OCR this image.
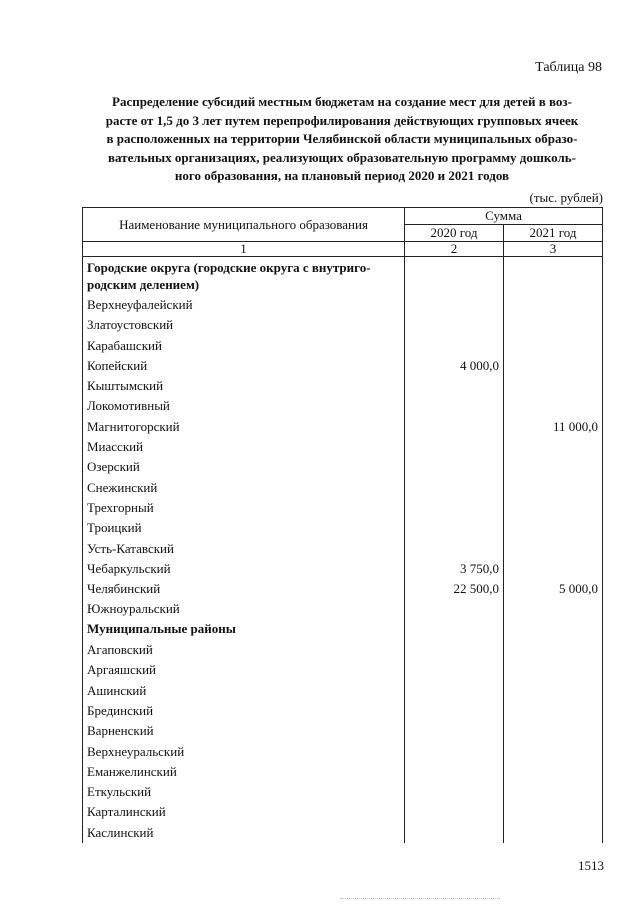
Таблица 98
Распределение субсидий местным бюджетам на создание мест для детей в воз-
расте от 1,5 до 3 лет путем перепрофилирования действующих групповых ячеек
в расположенных на территории Челябинской области муниципальных образо-
вательных организациях, реализующих образовательную программу дошколь-
ного образования, на плановый период 2020 и 2021 годов
(тыс. рублей)
Наименование муниципального образования	Сумма	
	2020 год	2021 год
1	2	3
Городские округа (городские округа с внутриго-родским делением)		
Верхнеуфалейский		
Златоустовский		
Карабашский		
Копейский	4 000,0	
Кыштымский		
Локомотивный		
Магнитогорский		11 000,0
Миасский		
Озерский		
Снежинский		
Трехгорный		
Троицкий		
Усть-Катавский		
Чебаркульский	3 750,0	
Челябинский	22 500,0	5 000,0
Южноуральский		
Муниципальные районы		
Агаповский		
Аргаяшский		
Ашинский		
Брединский		
Варненский		
Верхнеуральский		
Еманжелинский		
Еткульский		
Карталинский		
Каслинский		
1513
